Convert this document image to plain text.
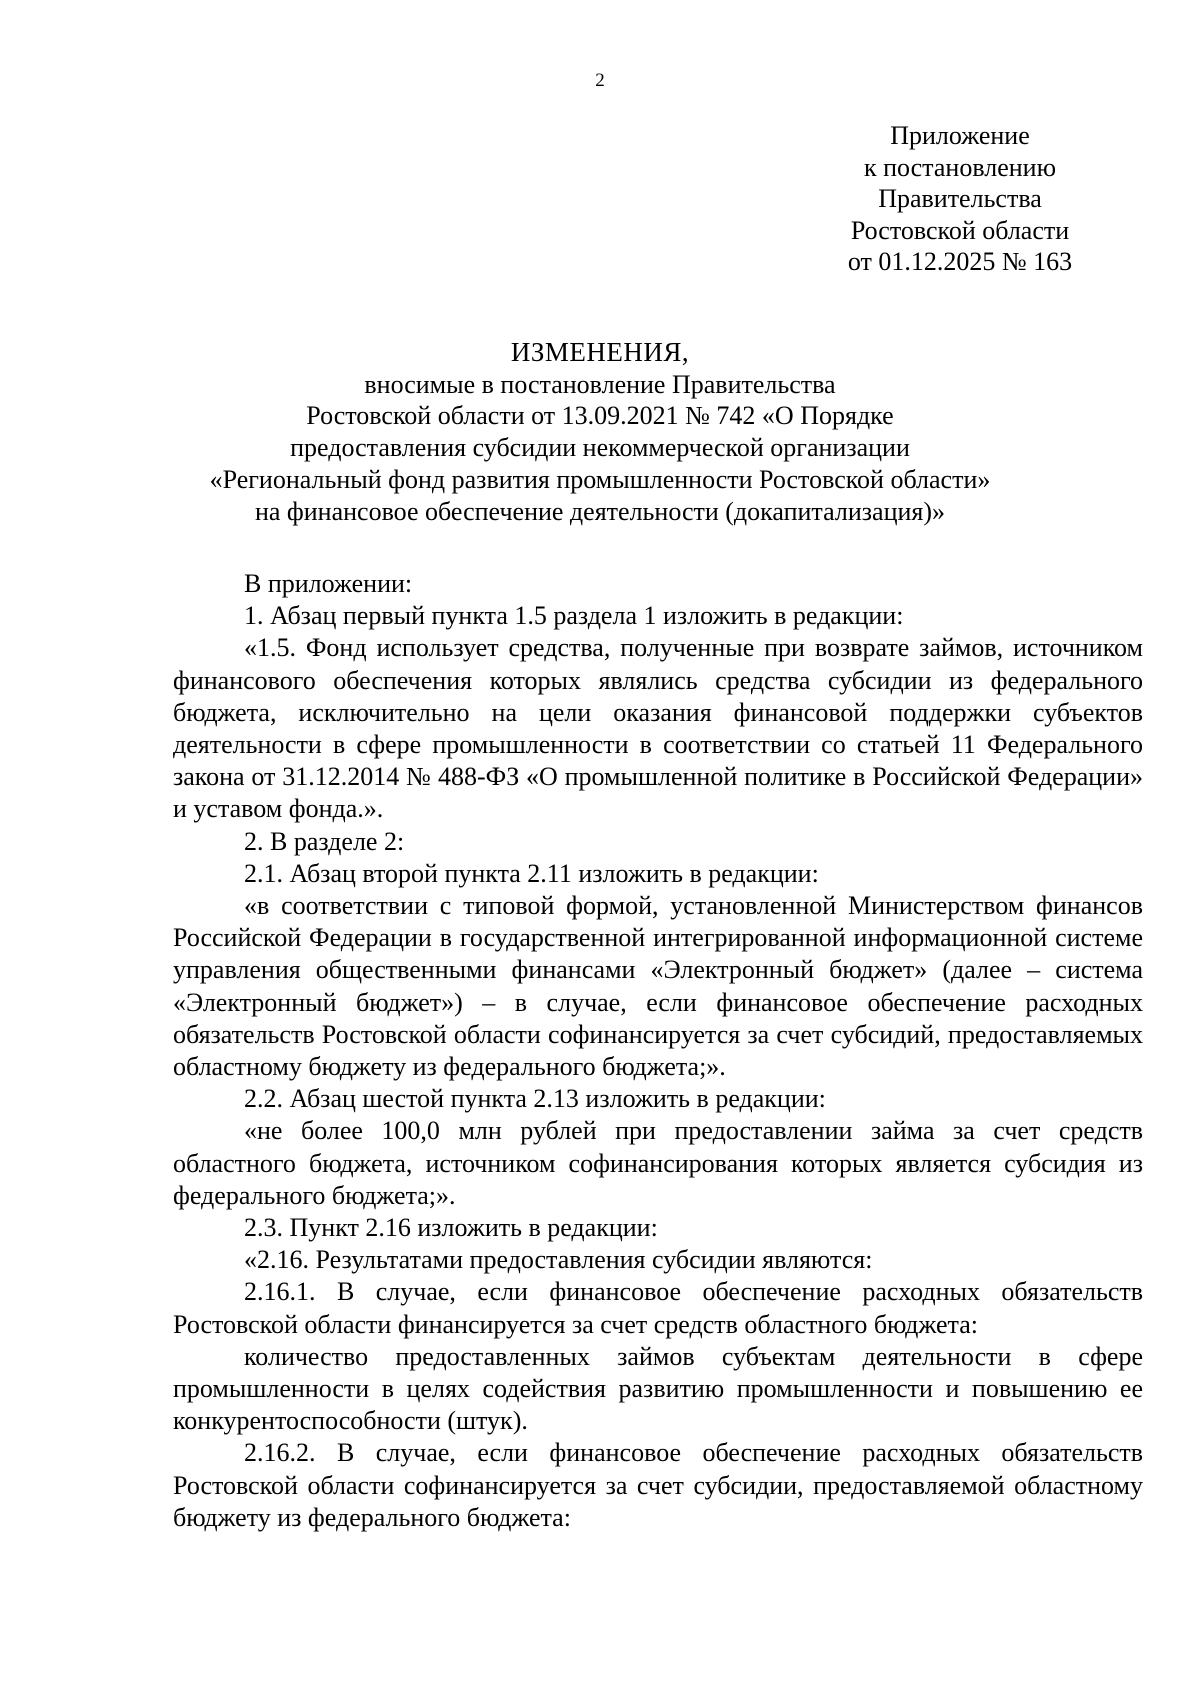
2
Приложение
к постановлению
Правительства
Ростовской области
от 01.12.2025 № 163
ИЗМЕНЕНИЯ,
вносимые в постановление Правительства
Ростовской области от 13.09.2021 № 742 «О Порядке
предоставления субсидии некоммерческой организации
«Региональный фонд развития промышленности Ростовской области»
на финансовое обеспечение деятельности (докапитализация)»

В приложении:

1. Абзац первый пункта 1.5 раздела 1 изложить в редакции:

«1.5. Фонд использует средства, полученные при возврате займов, источником финансового обеспечения которых являлись средства субсидии из федерального бюджета, исключительно на цели оказания финансовой поддержки субъектов деятельности в сфере промышленности в соответствии со статьей 11 Федерального закона от 31.12.2014 № 488-ФЗ «О промышленной политике в Российской Федерации» и уставом фонда.».

2. В разделе 2:

2.1. Абзац второй пункта 2.11 изложить в редакции:

«в соответствии с типовой формой, установленной Министерством финансов Российской Федерации в государственной интегрированной информационной системе управления общественными финансами «Электронный бюджет» (далее – система «Электронный бюджет») – в случае, если финансовое обеспечение расходных обязательств Ростовской области софинансируется за счет субсидий, предоставляемых областному бюджету из федерального бюджета;».

2.2. Абзац шестой пункта 2.13 изложить в редакции:

«не более 100,0 млн рублей при предоставлении займа за счет средств областного бюджета, источником софинансирования которых является субсидия из федерального бюджета;».

2.3. Пункт 2.16 изложить в редакции:

«2.16. Результатами предоставления субсидии являются:

2.16.1. В случае, если финансовое обеспечение расходных обязательств Ростовской области финансируется за счет средств областного бюджета:

количество предоставленных займов субъектам деятельности в сфере промышленности в целях содействия развитию промышленности и повышению ее конкурентоспособности (штук).

2.16.2. В случае, если финансовое обеспечение расходных обязательств Ростовской области софинансируется за счет субсидии, предоставляемой областному бюджету из федерального бюджета:
